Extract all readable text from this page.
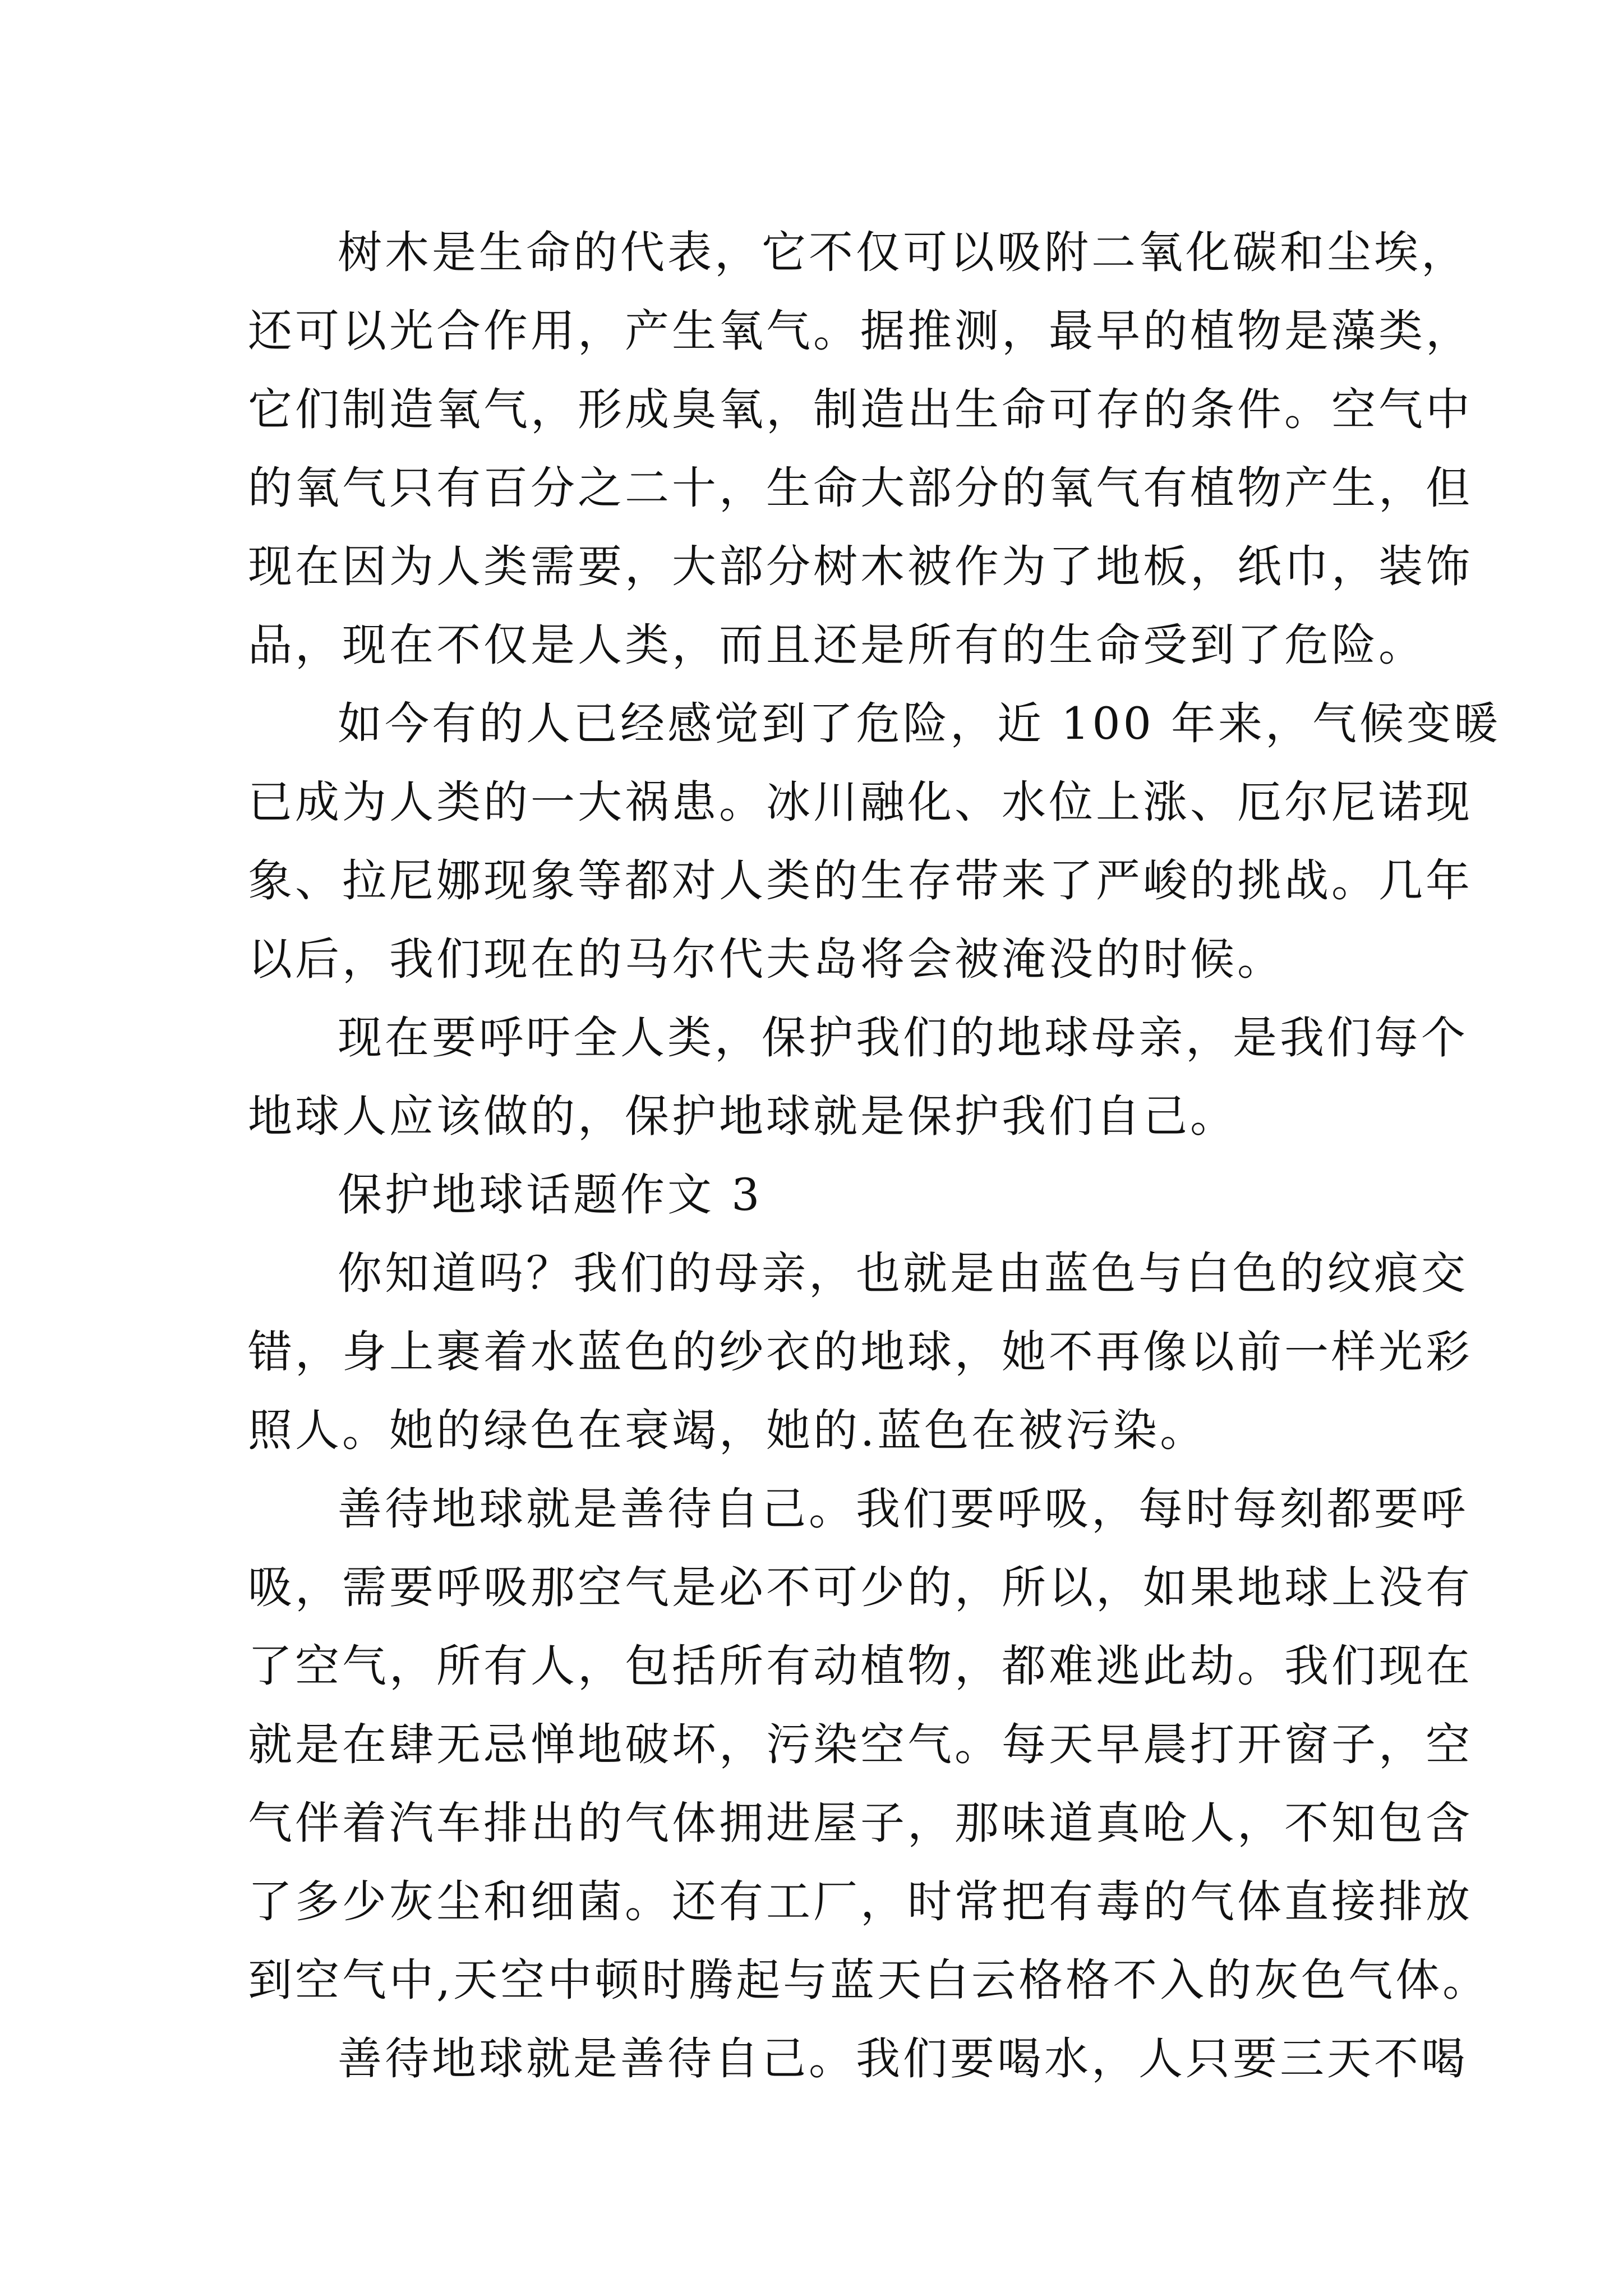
树木是生命的代表，它不仅可以吸附二氧化碳和尘埃，
还可以光合作用，产生氧气。据推测，最早的植物是藻类，
它们制造氧气，形成臭氧，制造出生命可存的条件。空气中
的氧气只有百分之二十，生命大部分的氧气有植物产生，但
现在因为人类需要，大部分树木被作为了地板，纸巾，装饰
品，现在不仅是人类，而且还是所有的生命受到了危险。
如今有的人已经感觉到了危险，近 100 年来，气候变暖
已成为人类的一大祸患。冰川融化、水位上涨、厄尔尼诺现
象、拉尼娜现象等都对人类的生存带来了严峻的挑战。几年
以后，我们现在的马尔代夫岛将会被淹没的时候。
现在要呼吁全人类，保护我们的地球母亲，是我们每个
地球人应该做的，保护地球就是保护我们自己。
保护地球话题作文 3
你知道吗？我们的母亲，也就是由蓝色与白色的纹痕交
错，身上裹着水蓝色的纱衣的地球，她不再像以前一样光彩
照人。她的绿色在衰竭，她的.蓝色在被污染。
善待地球就是善待自己。我们要呼吸，每时每刻都要呼
吸，需要呼吸那空气是必不可少的，所以，如果地球上没有
了空气，所有人，包括所有动植物，都难逃此劫。我们现在
就是在肆无忌惮地破坏，污染空气。每天早晨打开窗子，空
气伴着汽车排出的气体拥进屋子，那味道真呛人，不知包含
了多少灰尘和细菌。还有工厂，时常把有毒的气体直接排放
到空气中,天空中顿时腾起与蓝天白云格格不入的灰色气体。
善待地球就是善待自己。我们要喝水，人只要三天不喝
